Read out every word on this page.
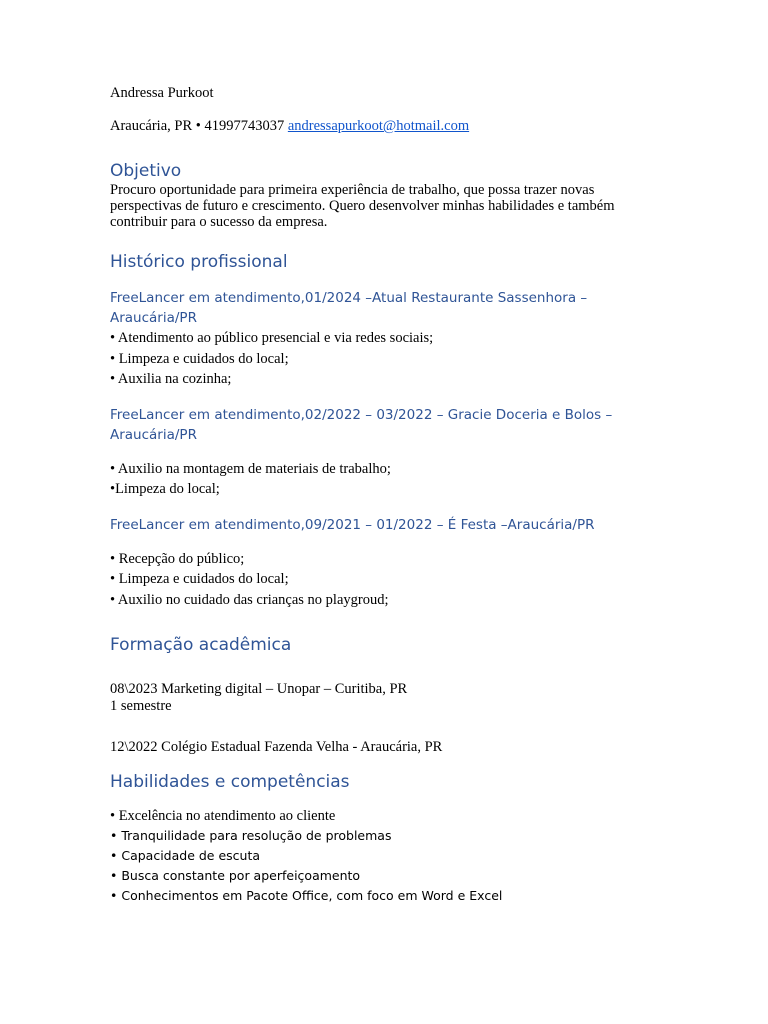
Andressa Purkoot
Araucária, PR • 41997743037 andressapurkoot@hotmail.com
Objetivo

Procuro oportunidade para primeira experiência de trabalho, que possa trazer novas perspectivas de futuro e crescimento. Quero desenvolver minhas habilidades e também contribuir para o sucesso da empresa.

Histórico profissional
FreeLancer em atendimento,01/2024 –Atual Restaurante Sassenhora – Araucária/PR
• Atendimento ao público presencial e via redes sociais;
• Limpeza e cuidados do local;
• Auxilia na cozinha;
FreeLancer em atendimento,02/2022 – 03/2022 – Gracie Doceria e Bolos – Araucária/PR
• Auxilio na montagem de materiais de trabalho;
•Limpeza do local;
FreeLancer em atendimento,09/2021 – 01/2022 – É Festa –Araucária/PR
• Recepção do público;
• Limpeza e cuidados do local;
• Auxilio no cuidado das crianças no playgroud;
Formação acadêmica
08\2023 Marketing digital – Unopar – Curitiba, PR
1 semestre
12\2022 Colégio Estadual Fazenda Velha - Araucária, PR
Habilidades e competências
• Excelência no atendimento ao cliente
• Tranquilidade para resolução de problemas
• Capacidade de escuta
• Busca constante por aperfeiçoamento
• Conhecimentos em Pacote Office, com foco em Word e Excel
